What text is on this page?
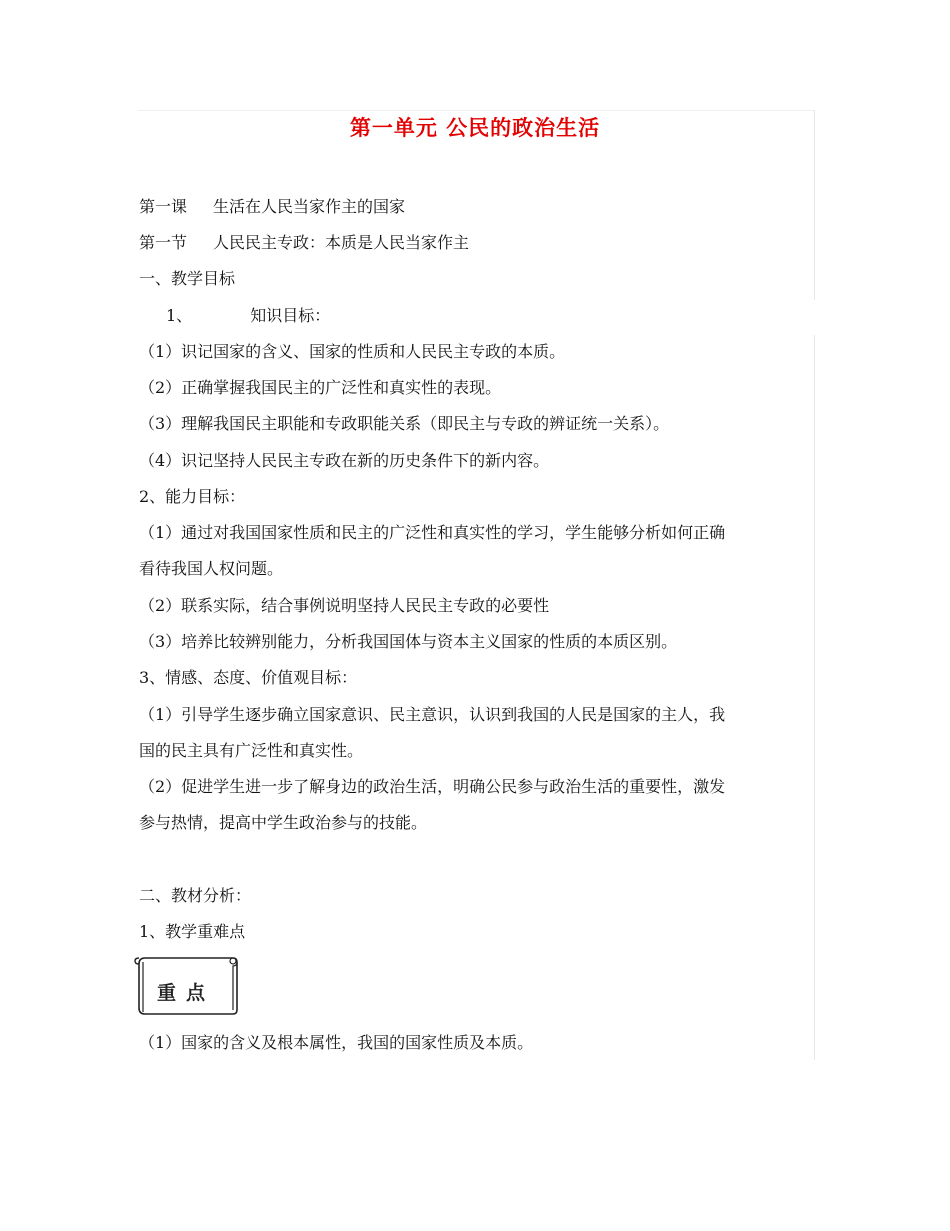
第一单元 公民的政治生活
第一课 生活在人民当家作主的国家
第一节 人民民主专政：本质是人民当家作主
一、教学目标
1、	知识目标：
（1）识记国家的含义、国家的性质和人民民主专政的本质。
（2）正确掌握我国民主的广泛性和真实性的表现。
（3）理解我国民主职能和专政职能关系（即民主与专政的辨证统一关系）。
（4）识记坚持人民民主专政在新的历史条件下的新内容。
2、能力目标：
（1）通过对我国国家性质和民主的广泛性和真实性的学习，学生能够分析如何正确
看待我国人权问题。
（2）联系实际，结合事例说明坚持人民民主专政的必要性
（3）培养比较辨别能力，分析我国国体与资本主义国家的性质的本质区别。
3、情感、态度、价值观目标：
（1）引导学生逐步确立国家意识、民主意识，认识到我国的人民是国家的主人，我
国的民主具有广泛性和真实性。
（2）促进学生进一步了解身边的政治生活，明确公民参与政治生活的重要性，激发
参与热情，提高中学生政治参与的技能。
二、教材分析：
1、教学重难点
重点
（1）国家的含义及根本属性，我国的国家性质及本质。
